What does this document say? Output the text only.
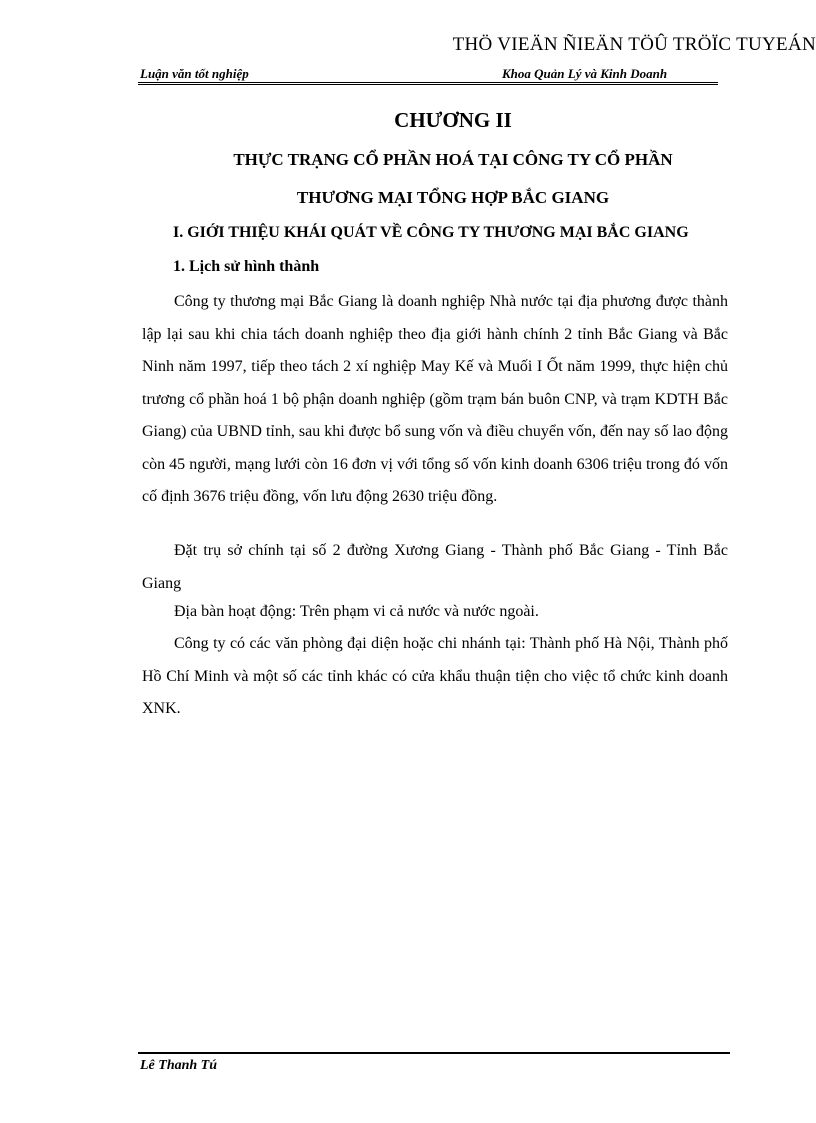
THÖ VIEÄN ÑIEÄN TÖÛ TRÖÏC TUYEÁN
Luận văn tốt nghiệp	Khoa Quản Lý và Kinh Doanh
CHƯƠNG II
THỰC TRẠNG CỔ PHẦN HOÁ TẠI CÔNG TY CỔ PHẦN
THƯƠNG MẠI TỔNG HỢP BẮC GIANG
I. GIỚI THIỆU KHÁI QUÁT VỀ CÔNG TY THƯƠNG MẠI BẮC GIANG
1. Lịch sử hình thành

Công ty thương mại Bắc Giang là doanh nghiệp Nhà nước tại địa phương được thành lập lại sau khi chia tách doanh nghiệp theo địa giới hành chính 2 tỉnh Bắc Giang và Bắc Ninh năm 1997, tiếp theo tách 2 xí nghiệp May Kế và Muối I Ốt năm 1999, thực hiện chủ trương cổ phần hoá 1 bộ phận doanh nghiệp (gồm trạm bán buôn CNP, và trạm KDTH Bắc Giang) của UBND tỉnh, sau khi được bổ sung vốn và điều chuyển vốn, đến nay số lao động còn 45 người, mạng lưới còn 16 đơn vị với tổng số vốn kinh doanh 6306 triệu trong đó vốn cố định 3676 triệu đồng, vốn lưu động 2630 triệu đồng.

Đặt trụ sở chính tại số 2 đường Xương Giang - Thành phố Bắc Giang - Tỉnh Bắc Giang

Địa bàn hoạt động: Trên phạm vi cả nước và nước ngoài.

Công ty có các văn phòng đại diện hoặc chi nhánh tại: Thành phố Hà Nội, Thành phố Hồ Chí Minh và một số các tỉnh khác có cửa khẩu thuận tiện cho việc tổ chức kinh doanh XNK.

Lê Thanh Tú
